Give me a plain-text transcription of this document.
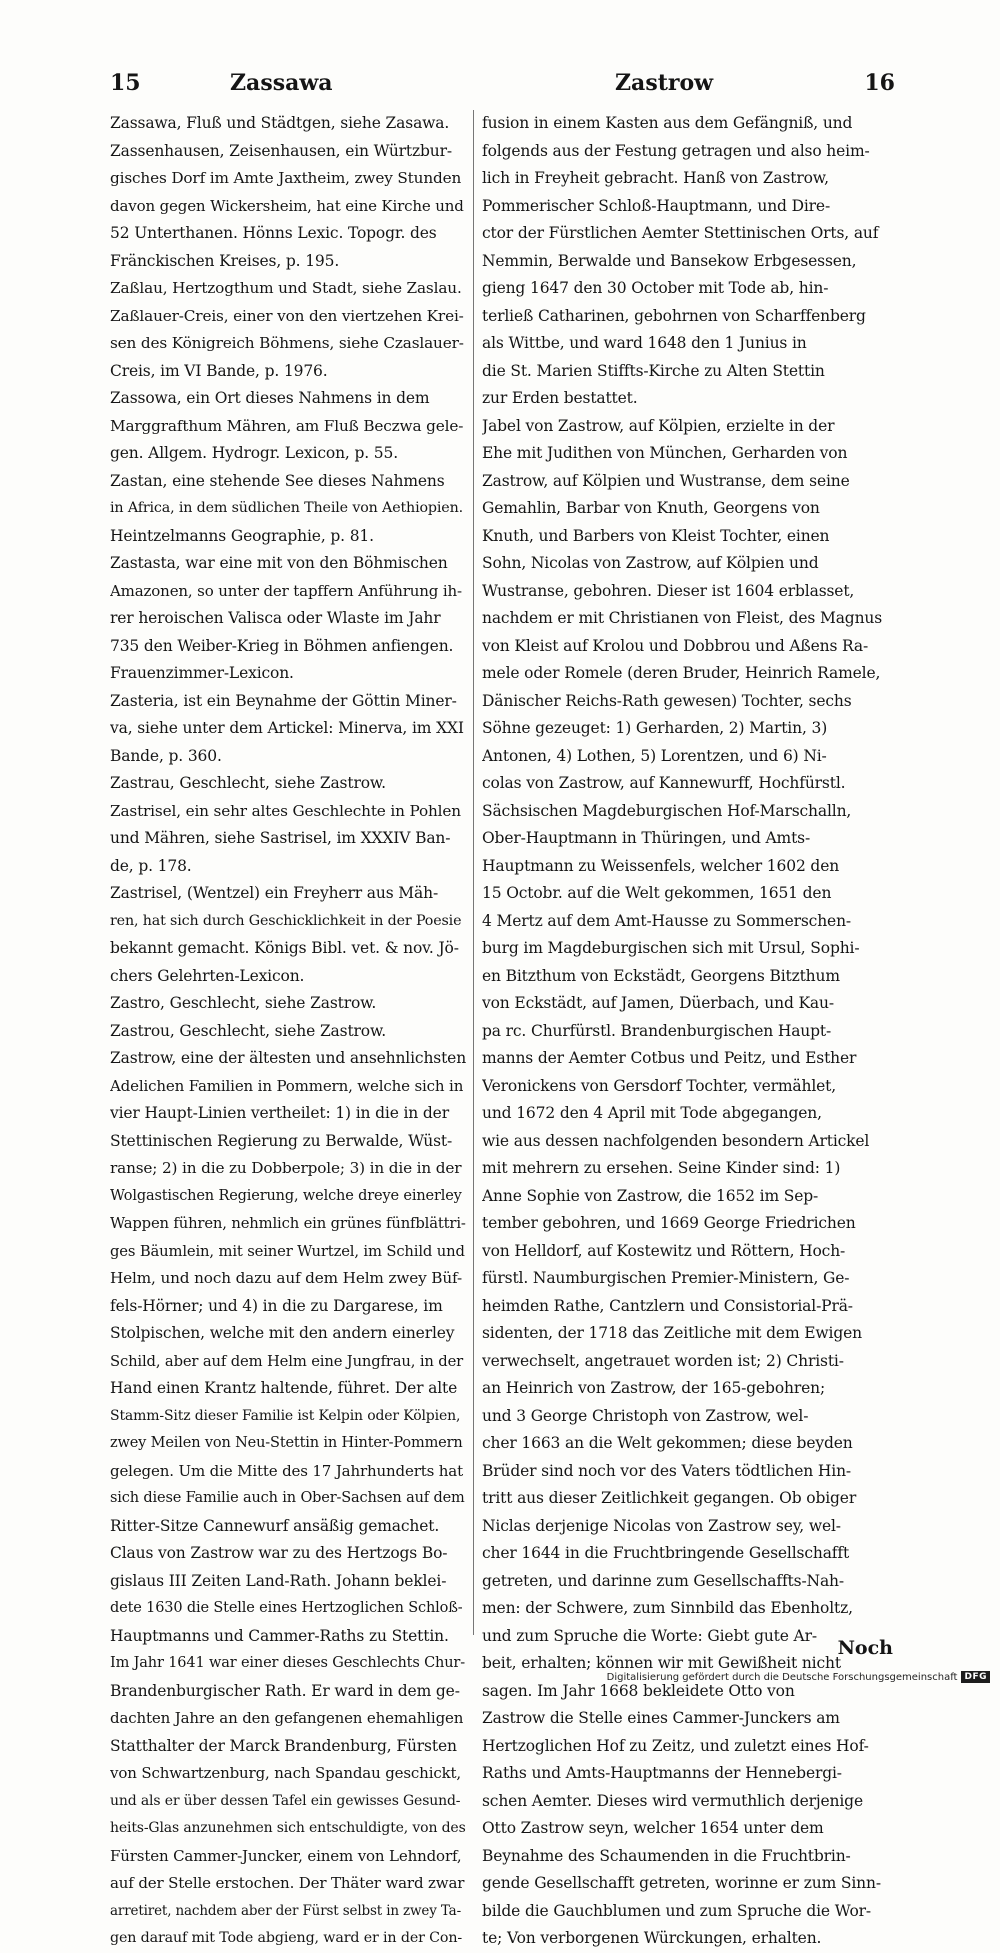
15	Zassawa	Zastrow	16
Zassawa, Fluß und Städtgen, siehe Zasawa.
Zassenhausen, Zeisenhausen, ein Würtzbur-
gisches Dorf im Amte Jaxtheim, zwey Stunden
davon gegen Wickersheim, hat eine Kirche und
52 Unterthanen. Hönns Lexic. Topogr. des
Fränckischen Kreises, p. 195.
Zaßlau, Hertzogthum und Stadt, siehe Zaslau.
Zaßlauer-Creis, einer von den viertzehen Krei-
sen des Königreich Böhmens, siehe Czaslauer-
Creis, im VI Bande, p. 1976.
Zassowa, ein Ort dieses Nahmens in dem
Marggrafthum Mähren, am Fluß Beczwa gele-
gen. Allgem. Hydrogr. Lexicon, p. 55.
Zastan, eine stehende See dieses Nahmens
in Africa, in dem südlichen Theile von Aethiopien.
Heintzelmanns Geographie, p. 81.
Zastasta, war eine mit von den Böhmischen
Amazonen, so unter der tapffern Anführung ih-
rer heroischen Valisca oder Wlaste im Jahr
735 den Weiber-Krieg in Böhmen anfiengen.
Frauenzimmer-Lexicon.
Zasteria, ist ein Beynahme der Göttin Miner-
va, siehe unter dem Artickel: Minerva, im XXI
Bande, p. 360.
Zastrau, Geschlecht, siehe Zastrow.
Zastrisel, ein sehr altes Geschlechte in Pohlen
und Mähren, siehe Sastrisel, im XXXIV Ban-
de, p. 178.
Zastrisel, (Wentzel) ein Freyherr aus Mäh-
ren, hat sich durch Geschicklichkeit in der Poesie
bekannt gemacht. Königs Bibl. vet. & nov. Jö-
chers Gelehrten-Lexicon.
Zastro, Geschlecht, siehe Zastrow.
Zastrou, Geschlecht, siehe Zastrow.
Zastrow, eine der ältesten und ansehnlichsten
Adelichen Familien in Pommern, welche sich in
vier Haupt-Linien vertheilet: 1) in die in der
Stettinischen Regierung zu Berwalde, Wüst-
ranse; 2) in die zu Dobberpole; 3) in die in der
Wolgastischen Regierung, welche dreye einerley
Wappen führen, nehmlich ein grünes fünfblättri-
ges Bäumlein, mit seiner Wurtzel, im Schild und
Helm, und noch dazu auf dem Helm zwey Büf-
fels-Hörner; und 4) in die zu Dargarese, im
Stolpischen, welche mit den andern einerley
Schild, aber auf dem Helm eine Jungfrau, in der
Hand einen Krantz haltende, führet. Der alte
Stamm-Sitz dieser Familie ist Kelpin oder Kölpien,
zwey Meilen von Neu-Stettin in Hinter-Pommern
gelegen. Um die Mitte des 17 Jahrhunderts hat
sich diese Familie auch in Ober-Sachsen auf dem
Ritter-Sitze Cannewurf ansäßig gemachet.
Claus von Zastrow war zu des Hertzogs Bo-
gislaus III Zeiten Land-Rath. Johann beklei-
dete 1630 die Stelle eines Hertzoglichen Schloß-
Hauptmanns und Cammer-Raths zu Stettin.
Im Jahr 1641 war einer dieses Geschlechts Chur-
Brandenburgischer Rath. Er ward in dem ge-
dachten Jahre an den gefangenen ehemahligen
Statthalter der Marck Brandenburg, Fürsten
von Schwartzenburg, nach Spandau geschickt,
und als er über dessen Tafel ein gewisses Gesund-
heits-Glas anzunehmen sich entschuldigte, von des
Fürsten Cammer-Juncker, einem von Lehndorf,
auf der Stelle erstochen. Der Thäter ward zwar
arretiret, nachdem aber der Fürst selbst in zwey Ta-
gen darauf mit Tode abgieng, ward er in der Con-
fusion in einem Kasten aus dem Gefängniß, und
folgends aus der Festung getragen und also heim-
lich in Freyheit gebracht. Hanß von Zastrow,
Pommerischer Schloß-Hauptmann, und Dire-
ctor der Fürstlichen Aemter Stettinischen Orts, auf
Nemmin, Berwalde und Bansekow Erbgesessen,
gieng 1647 den 30 October mit Tode ab, hin-
terließ Catharinen, gebohrnen von Scharffenberg
als Wittbe, und ward 1648 den 1 Junius in
die St. Marien Stiffts-Kirche zu Alten Stettin
zur Erden bestattet.
Jabel von Zastrow, auf Kölpien, erzielte in der
Ehe mit Judithen von München, Gerharden von
Zastrow, auf Kölpien und Wustranse, dem seine
Gemahlin, Barbar von Knuth, Georgens von
Knuth, und Barbers von Kleist Tochter, einen
Sohn, Nicolas von Zastrow, auf Kölpien und
Wustranse, gebohren. Dieser ist 1604 erblasset,
nachdem er mit Christianen von Fleist, des Magnus
von Kleist auf Krolou und Dobbrou und Aßens Ra-
mele oder Romele (deren Bruder, Heinrich Ramele,
Dänischer Reichs-Rath gewesen) Tochter, sechs
Söhne gezeuget: 1) Gerharden, 2) Martin, 3)
Antonen, 4) Lothen, 5) Lorentzen, und 6) Ni-
colas von Zastrow, auf Kannewurff, Hochfürstl.
Sächsischen Magdeburgischen Hof-Marschalln,
Ober-Hauptmann in Thüringen, und Amts-
Hauptmann zu Weissenfels, welcher 1602 den
15 Octobr. auf die Welt gekommen, 1651 den
4 Mertz auf dem Amt-Hausse zu Sommerschen-
burg im Magdeburgischen sich mit Ursul, Sophi-
en Bitzthum von Eckstädt, Georgens Bitzthum
von Eckstädt, auf Jamen, Düerbach, und Kau-
pa rc. Churfürstl. Brandenburgischen Haupt-
manns der Aemter Cotbus und Peitz, und Esther
Veronickens von Gersdorf Tochter, vermählet,
und 1672 den 4 April mit Tode abgegangen,
wie aus dessen nachfolgenden besondern Artickel
mit mehrern zu ersehen. Seine Kinder sind: 1)
Anne Sophie von Zastrow, die 1652 im Sep-
tember gebohren, und 1669 George Friedrichen
von Helldorf, auf Kostewitz und Röttern, Hoch-
fürstl. Naumburgischen Premier-Ministern, Ge-
heimden Rathe, Cantzlern und Consistorial-Prä-
sidenten, der 1718 das Zeitliche mit dem Ewigen
verwechselt, angetrauet worden ist; 2) Christi-
an Heinrich von Zastrow, der 165-gebohren;
und 3 George Christoph von Zastrow, wel-
cher 1663 an die Welt gekommen; diese beyden
Brüder sind noch vor des Vaters tödtlichen Hin-
tritt aus dieser Zeitlichkeit gegangen. Ob obiger
Niclas derjenige Nicolas von Zastrow sey, wel-
cher 1644 in die Fruchtbringende Gesellschafft
getreten, und darinne zum Gesellschaffts-Nah-
men: der Schwere, zum Sinnbild das Ebenholtz,
und zum Spruche die Worte: Giebt gute Ar-
beit, erhalten; können wir mit Gewißheit nicht
sagen. Im Jahr 1668 bekleidete Otto von
Zastrow die Stelle eines Cammer-Junckers am
Hertzoglichen Hof zu Zeitz, und zuletzt eines Hof-
Raths und Amts-Hauptmanns der Hennebergi-
schen Aemter. Dieses wird vermuthlich derjenige
Otto Zastrow seyn, welcher 1654 unter dem
Beynahme des Schaumenden in die Fruchtbrin-
gende Gesellschafft getreten, worinne er zum Sinn-
bilde die Gauchblumen und zum Spruche die Wor-
te; Von verborgenen Würckungen, erhalten.
Noch
Digitalisierung gefördert durch die Deutsche Forschungsgemeinschaft DFG
